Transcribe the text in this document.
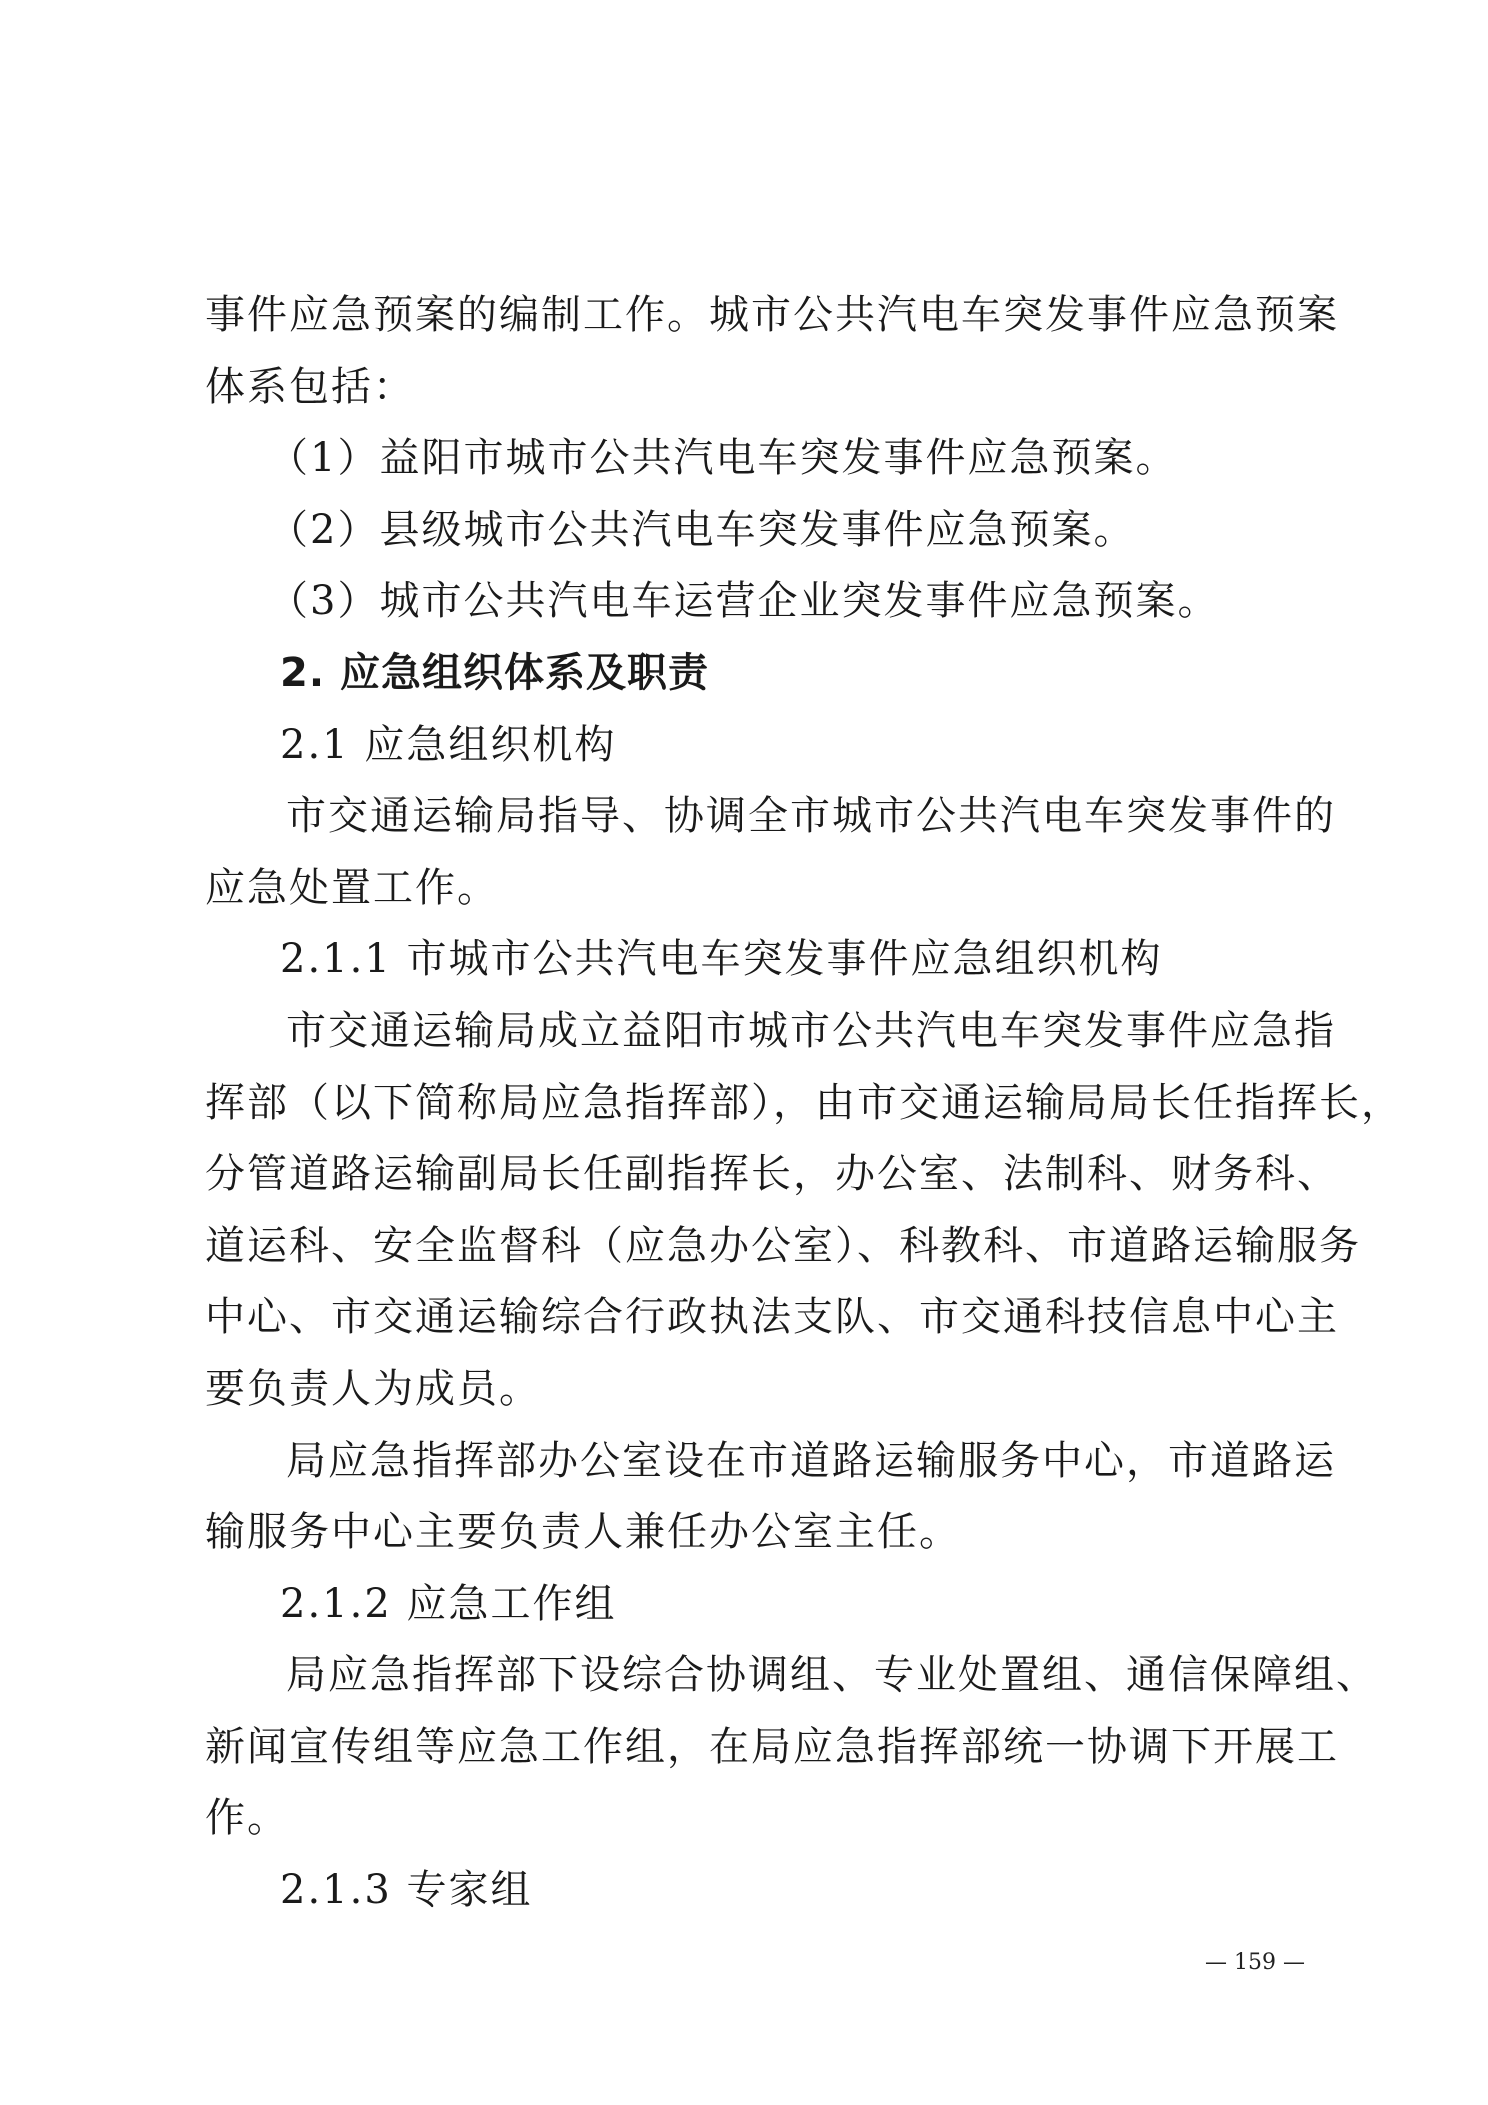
事件应急预案的编制工作。城市公共汽电车突发事件应急预案
体系包括：
（1）益阳市城市公共汽电车突发事件应急预案。
（2）县级城市公共汽电车突发事件应急预案。
（3）城市公共汽电车运营企业突发事件应急预案。
2. 应急组织体系及职责
2.1 应急组织机构
市交通运输局指导、协调全市城市公共汽电车突发事件的
应急处置工作。
2.1.1 市城市公共汽电车突发事件应急组织机构
市交通运输局成立益阳市城市公共汽电车突发事件应急指
挥部（以下简称局应急指挥部），由市交通运输局局长任指挥长，
分管道路运输副局长任副指挥长，办公室、法制科、财务科、
道运科、安全监督科（应急办公室）、科教科、市道路运输服务
中心、市交通运输综合行政执法支队、市交通科技信息中心主
要负责人为成员。
局应急指挥部办公室设在市道路运输服务中心，市道路运
输服务中心主要负责人兼任办公室主任。
2.1.2 应急工作组
局应急指挥部下设综合协调组、专业处置组、通信保障组、
新闻宣传组等应急工作组，在局应急指挥部统一协调下开展工
作。
2.1.3 专家组
— 159 —
